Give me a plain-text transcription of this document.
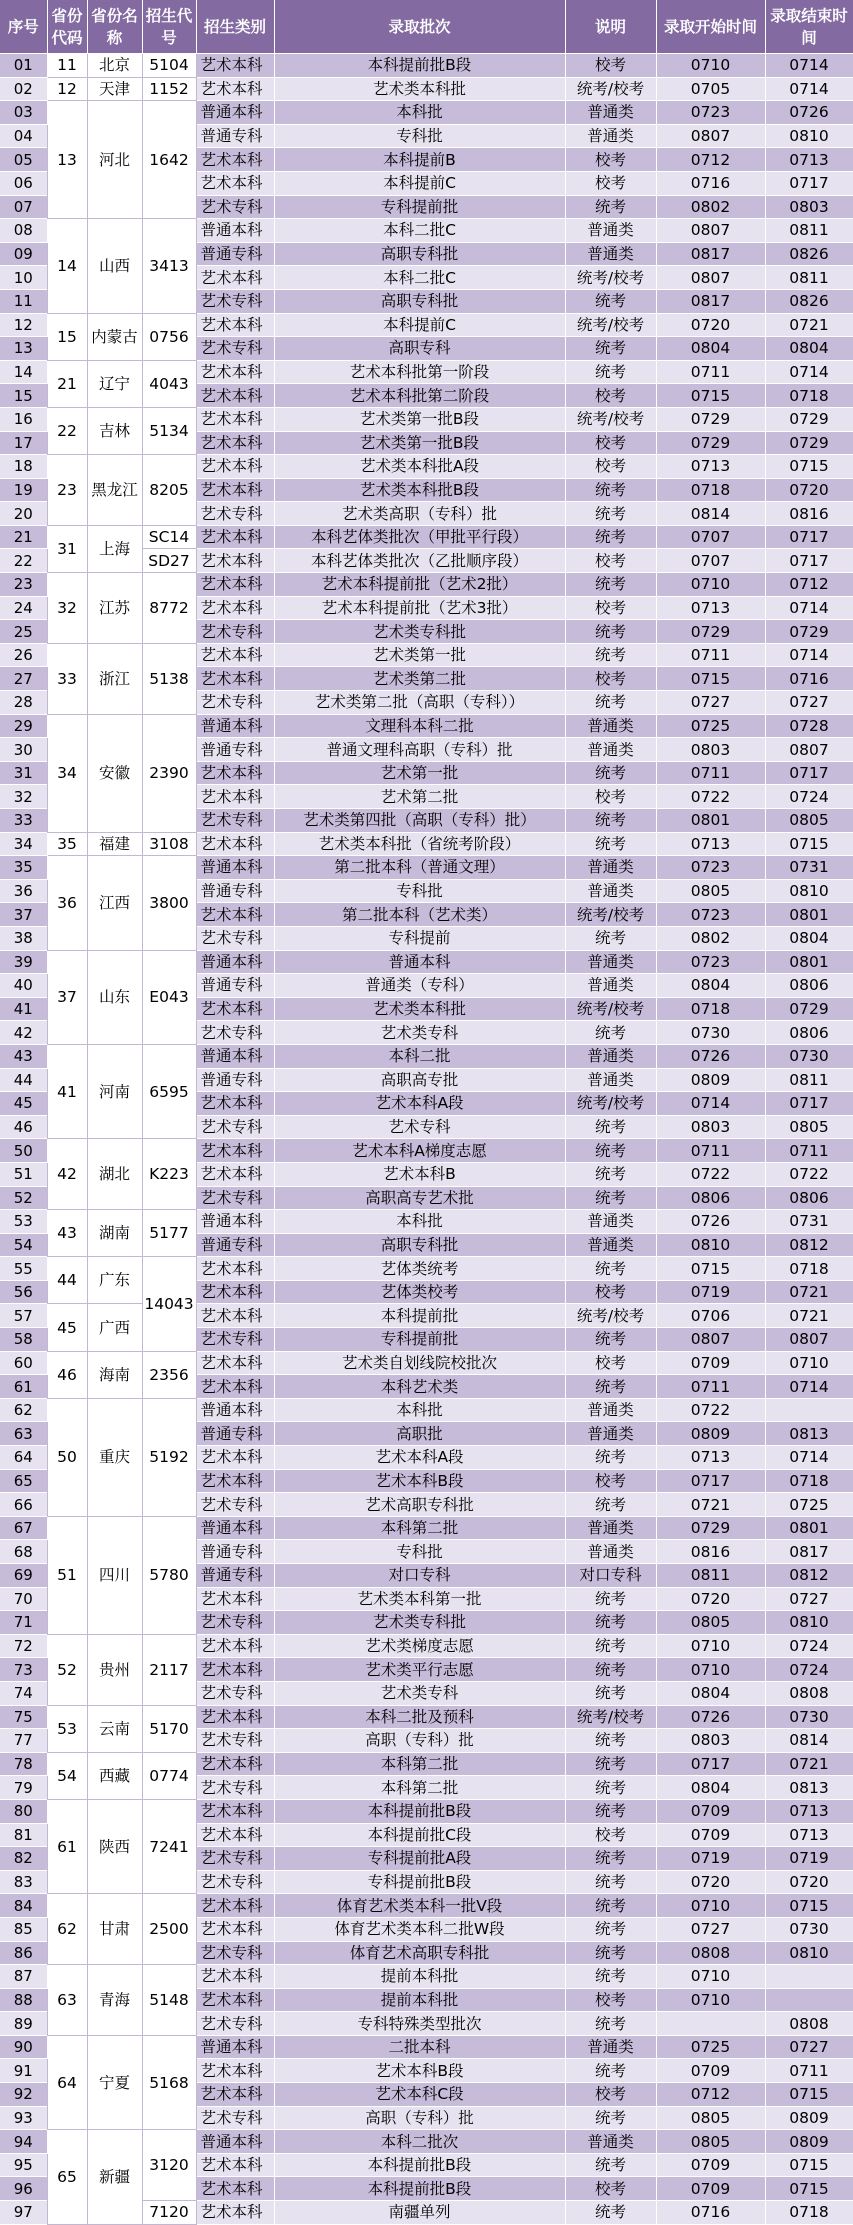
序号	省份代码	省份名称	招生代号	招生类别	录取批次	说明	录取开始时间	录取结束时间
01	11	北京	5104	艺术本科	本科提前批B段	校考	0710	0714
02	12	天津	1152	艺术本科	艺术类本科批	统考/校考	0705	0714
03	13	河北	1642	普通本科	本科批	普通类	0723	0726
04				普通专科	专科批	普通类	0807	0810
05				艺术本科	本科提前B	校考	0712	0713
06				艺术本科	本科提前C	校考	0716	0717
07				艺术专科	专科提前批	统考	0802	0803
08	14	山西	3413	普通本科	本科二批C	普通类	0807	0811
09				普通专科	高职专科批	普通类	0817	0826
10				艺术本科	本科二批C	统考/校考	0807	0811
11				艺术专科	高职专科批	统考	0817	0826
12	15	内蒙古	0756	艺术本科	本科提前C	统考/校考	0720	0721
13				艺术专科	高职专科	统考	0804	0804
14	21	辽宁	4043	艺术本科	艺术本科批第一阶段	统考	0711	0714
15				艺术本科	艺术本科批第二阶段	校考	0715	0718
16	22	吉林	5134	艺术本科	艺术类第一批B段	统考/校考	0729	0729
17				艺术本科	艺术类第一批B段	校考	0729	0729
18	23	黑龙江	8205	艺术本科	艺术类本科批A段	校考	0713	0715
19				艺术本科	艺术类本科批B段	统考	0718	0720
20				艺术专科	艺术类高职（专科）批	统考	0814	0816
21	31	上海	SC14	艺术本科	本科艺体类批次（甲批平行段）	统考	0707	0717
22			SD27	艺术本科	本科艺体类批次（乙批顺序段）	校考	0707	0717
23	32	江苏	8772	艺术本科	艺术本科提前批（艺术2批）	统考	0710	0712
24				艺术本科	艺术本科提前批（艺术3批）	校考	0713	0714
25				艺术专科	艺术类专科批	统考	0729	0729
26	33	浙江	5138	艺术本科	艺术类第一批	统考	0711	0714
27				艺术本科	艺术类第二批	校考	0715	0716
28				艺术专科	艺术类第二批（高职（专科））	统考	0727	0727
29	34	安徽	2390	普通本科	文理科本科二批	普通类	0725	0728
30				普通专科	普通文理科高职（专科）批	普通类	0803	0807
31				艺术本科	艺术第一批	统考	0711	0717
32				艺术本科	艺术第二批	校考	0722	0724
33				艺术专科	艺术类第四批（高职（专科）批）	统考	0801	0805
34	35	福建	3108	艺术本科	艺术类本科批（省统考阶段）	统考	0713	0715
35	36	江西	3800	普通本科	第二批本科（普通文理）	普通类	0723	0731
36				普通专科	专科批	普通类	0805	0810
37				艺术本科	第二批本科（艺术类）	统考/校考	0723	0801
38				艺术专科	专科提前	统考	0802	0804
39	37	山东	E043	普通本科	普通本科	普通类	0723	0801
40				普通专科	普通类（专科）	普通类	0804	0806
41				艺术本科	艺术类本科批	统考/校考	0718	0729
42				艺术专科	艺术类专科	统考	0730	0806
43	41	河南	6595	普通本科	本科二批	普通类	0726	0730
44				普通专科	高职高专批	普通类	0809	0811
45				艺术本科	艺术本科A段	统考/校考	0714	0717
46				艺术专科	艺术专科	统考	0803	0805
50	42	湖北	K223	艺术本科	艺术本科A梯度志愿	统考	0711	0711
51				艺术本科	艺术本科B	统考	0722	0722
52				艺术专科	高职高专艺术批	统考	0806	0806
53	43	湖南	5177	普通本科	本科批	普通类	0726	0731
54				普通专科	高职专科批	普通类	0810	0812
55	44	广东	14043	艺术本科	艺体类统考	统考	0715	0718
56				艺术本科	艺体类校考	校考	0719	0721
57	45	广西		艺术本科	本科提前批	统考/校考	0706	0721
58				艺术专科	专科提前批	统考	0807	0807
60	46	海南	2356	艺术本科	艺术类自划线院校批次	校考	0709	0710
61				艺术本科	本科艺术类	统考	0711	0714
62	50	重庆	5192	普通本科	本科批	普通类	0722	
63				普通专科	高职批	普通类	0809	0813
64				艺术本科	艺术本科A段	统考	0713	0714
65				艺术本科	艺术本科B段	校考	0717	0718
66				艺术专科	艺术高职专科批	统考	0721	0725
67	51	四川	5780	普通本科	本科第二批	普通类	0729	0801
68				普通专科	专科批	普通类	0816	0817
69				普通专科	对口专科	对口专科	0811	0812
70				艺术本科	艺术类本科第一批	统考	0720	0727
71				艺术专科	艺术类专科批	统考	0805	0810
72	52	贵州	2117	艺术本科	艺术类梯度志愿	统考	0710	0724
73				艺术本科	艺术类平行志愿	统考	0710	0724
74				艺术专科	艺术类专科	统考	0804	0808
75	53	云南	5170	艺术本科	本科二批及预科	统考/校考	0726	0730
77				艺术专科	高职（专科）批	统考	0803	0814
78	54	西藏	0774	艺术本科	本科第二批	统考	0717	0721
79				艺术专科	本科第二批	统考	0804	0813
80	61	陕西	7241	艺术本科	本科提前批B段	统考	0709	0713
81				艺术本科	本科提前批C段	校考	0709	0713
82				艺术专科	专科提前批A段	统考	0719	0719
83				艺术专科	专科提前批B段	统考	0720	0720
84	62	甘肃	2500	艺术本科	体育艺术类本科一批V段	统考	0710	0715
85				艺术本科	体育艺术类本科二批W段	统考	0727	0730
86				艺术专科	体育艺术高职专科批	统考	0808	0810
87	63	青海	5148	艺术本科	提前本科批	统考	0710	
88				艺术本科	提前本科批	校考	0710	
89				艺术专科	专科特殊类型批次	统考		0808
90	64	宁夏	5168	普通本科	二批本科	普通类	0725	0727
91				艺术本科	艺术本科B段	统考	0709	0711
92				艺术本科	艺术本科C段	校考	0712	0715
93				艺术专科	高职（专科）批	统考	0805	0809
94	65	新疆	3120	普通本科	本科二批次	普通类	0805	0809
95				艺术本科	本科提前批B段	统考	0709	0715
96				艺术本科	本科提前批B段	校考	0709	0715
97			7120	艺术本科	南疆单列	统考	0716	0718
